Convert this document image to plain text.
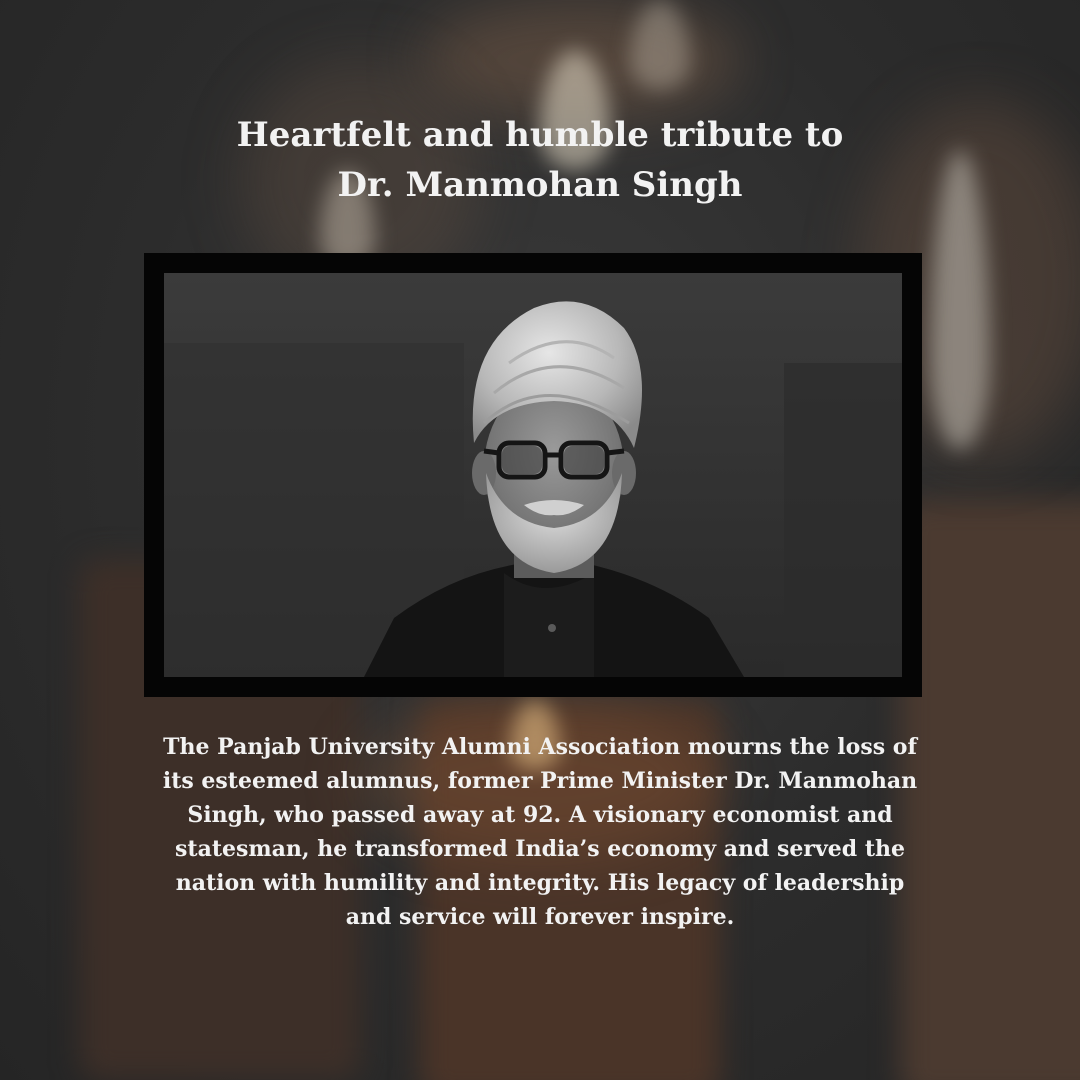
Heartfelt and humble tribute to
Dr. Manmohan Singh
The Panjab University Alumni Association mourns the loss of
its esteemed alumnus, former Prime Minister Dr. Manmohan
Singh, who passed away at 92. A visionary economist and
statesman, he transformed India’s economy and served the
nation with humility and integrity. His legacy of leadership
and service will forever inspire.
